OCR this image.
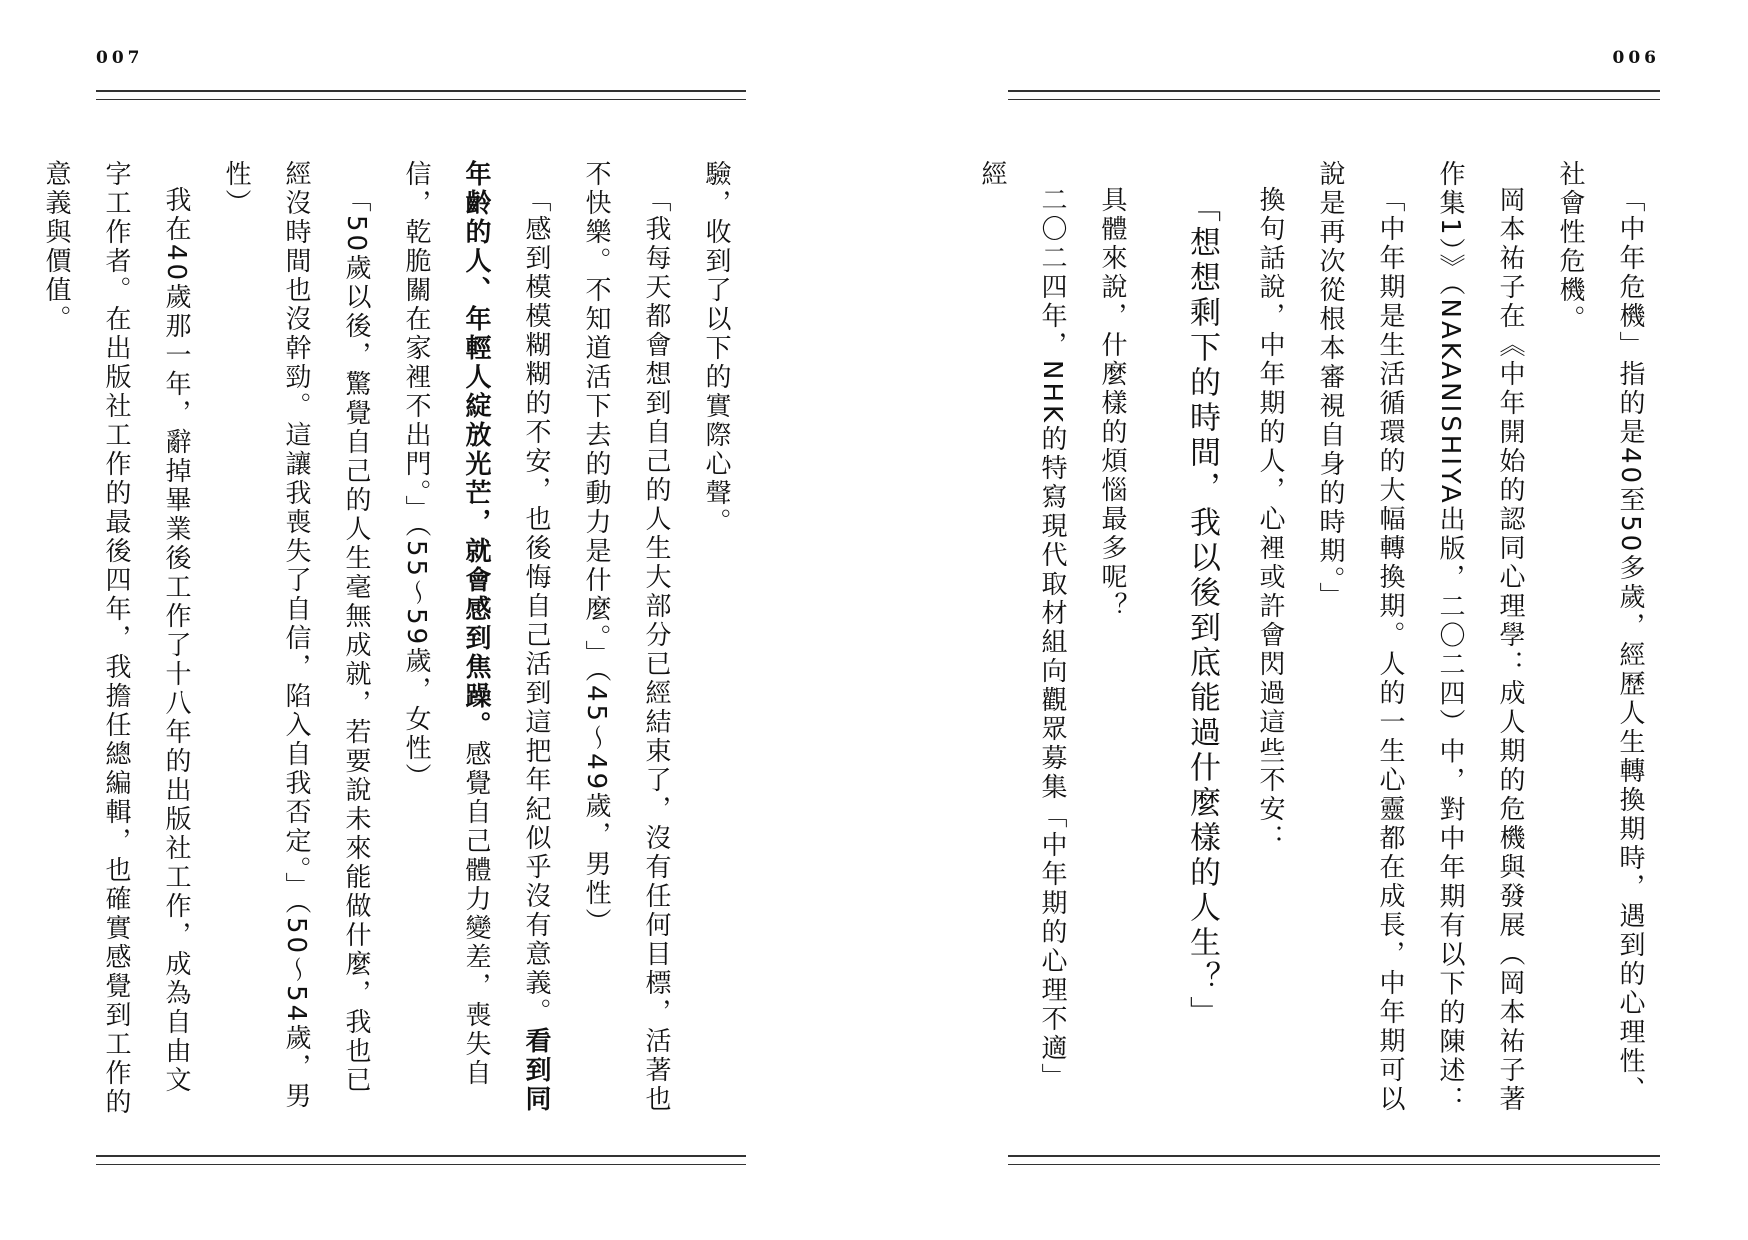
007

驗，收到了以下的實際心聲。

「我每天都會想到自己的人生大部分已經結束了，沒有任何目標，活著也不快樂。不知道活下去的動力是什麼。」（45～49歲，男性）

「感到模模糊糊的不安，也後悔自己活到這把年紀似乎沒有意義。看到同年齡的人、年輕人綻放光芒，就會感到焦躁。感覺自己體力變差，喪失自信，乾脆關在家裡不出門。」（55～59歲，女性）

「50歲以後，驚覺自己的人生毫無成就，若要說未來能做什麼，我也已經沒時間也沒幹勁。這讓我喪失了自信，陷入自我否定。」（50～54歲，男性）

我在40歲那一年，辭掉畢業後工作了十八年的出版社工作，成為自由文字工作者。在出版社工作的最後四年，我擔任總編輯，也確實感覺到工作的意義與價值。

006

「中年危機」指的是40至50多歲，經歷人生轉換期時，遇到的心理性、社會性危機。

岡本祐子在《中年開始的認同心理學：成人期的危機與發展（岡本祐子著作集1）》（NAKANISHIYA出版，二〇二四）中，對中年期有以下的陳述：

「中年期是生活循環的大幅轉換期。人的一生心靈都在成長，中年期可以說是再次從根本審視自身的時期。」

換句話說，中年期的人，心裡或許會閃過這些不安：

「想想剩下的時間，我以後到底能過什麼樣的人生？」

具體來說，什麼樣的煩惱最多呢？

二〇二四年，NHK的特寫現代取材組向觀眾募集「中年期的心理不適」經
